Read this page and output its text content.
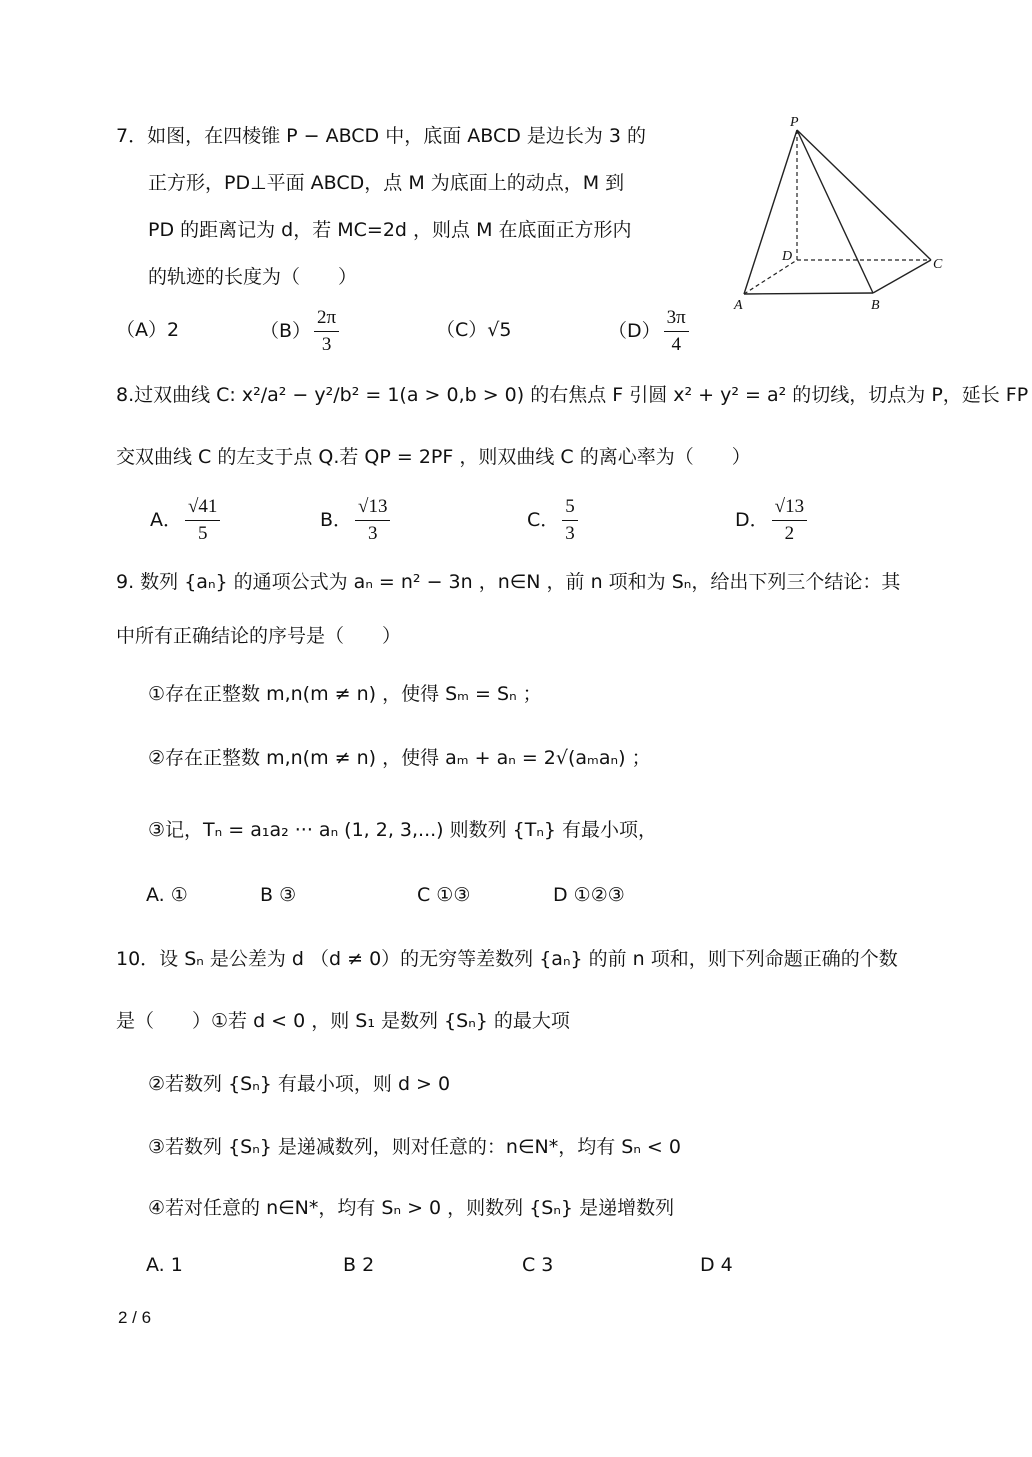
7．如图，在四棱锥 P − ABCD 中，底面 ABCD 是边长为 3 的
正方形，PD⊥平面 ABCD，点 M 为底面上的动点，M 到
PD 的距离记为 d，若 MC=2d ，则点 M 在底面正方形内
的轨迹的长度为（　　）
（A）2	$(B) \frac{2\pi}{3}$	（C）√5	$(D) \frac{3\pi}{4}$
P
A	B
C
D
8.过双曲线 C: x²/a² − y²/b² = 1(a > 0,b > 0) 的右焦点 F 引圆 x² + y² = a² 的切线，切点为 P，延长 FP
交双曲线 C 的左支于点 Q.若 QP = 2PF ，则双曲线 C 的离心率为（　　）
A． $\frac{√41}{5}$	B． $\frac{√13}{3}$	C． $\frac{5}{3}$	D． $\frac{√13}{2}$
9. 数列 {aₙ} 的通项公式为 aₙ = n² − 3n ，n∈N ，前 n 项和为 Sₙ，给出下列三个结论：其
中所有正确结论的序号是（　　）
①存在正整数 m,n(m ≠ n) ，使得 Sₘ = Sₙ ；
②存在正整数 m,n(m ≠ n) ，使得 aₘ + aₙ = 2√(aₘaₙ) ；
③记，Tₙ = a₁a₂ ··· aₙ (1, 2, 3,...) 则数列 {Tₙ} 有最小项，
A. ①	B ③	C ①③	D ①②③
10．设 Sₙ 是公差为 d （d ≠ 0）的无穷等差数列 {aₙ} 的前 n 项和，则下列命题正确的个数
是（　　）①若 d < 0 ，则 S₁ 是数列 {Sₙ} 的最大项
②若数列 {Sₙ} 有最小项，则 d > 0
③若数列 {Sₙ} 是递减数列，则对任意的：n∈N*，均有 Sₙ < 0
④若对任意的 n∈N*，均有 Sₙ > 0 ，则数列 {Sₙ} 是递增数列
A. 1	B 2	C 3	D 4
2 / 6
